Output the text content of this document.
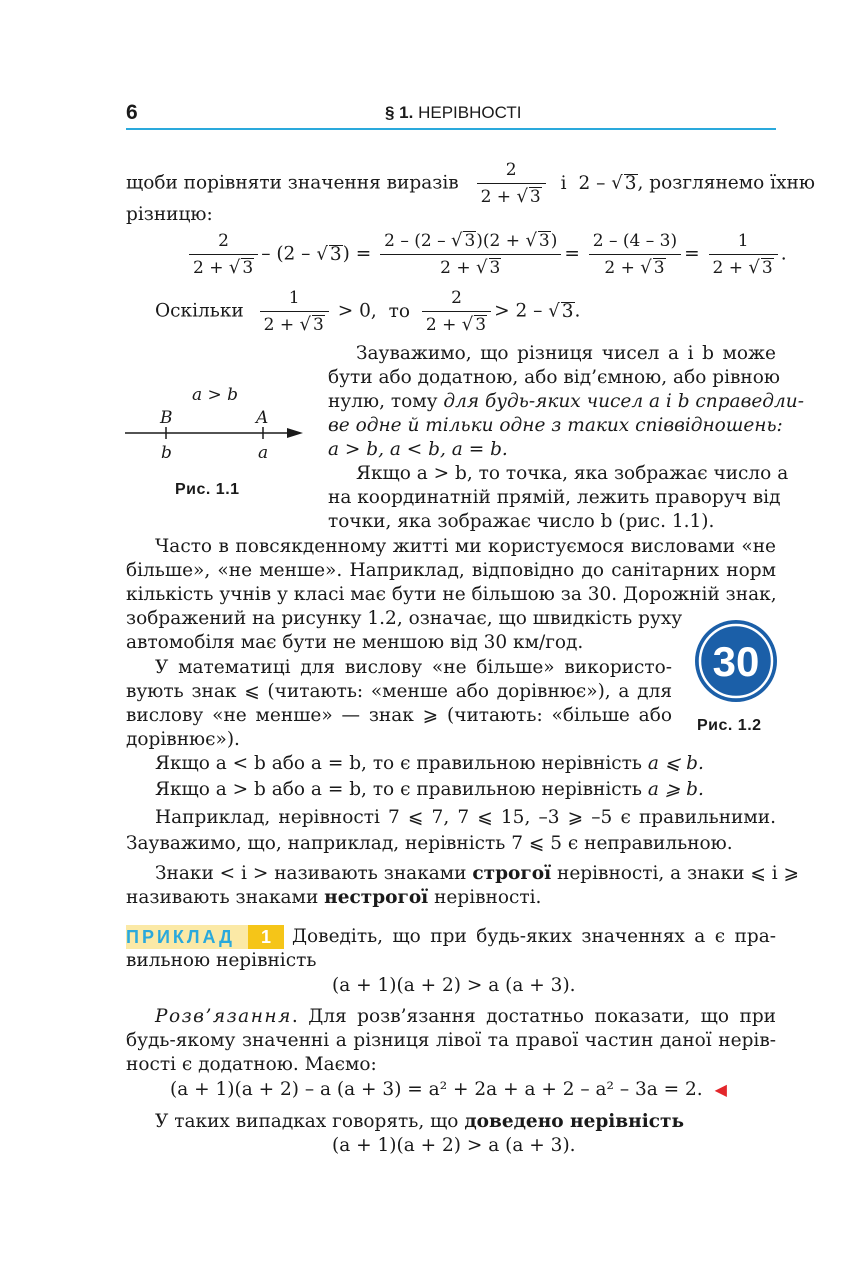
6	§ 1. НЕРІВНОСТІ
щоби порівняти значення виразів $\frac{2}{2 + √ 3}$ і 2 – √ 3, розглянемо їхню
різницю:
$\frac{2}{2 + √ 3} - (2$ – √ $3) = \frac{2 - (2 - √ 3)(2 + √ 3)}{2 + √ 3} = \frac{2 - (4 - 3)}{2 + √ 3} = \frac{1}{2 + √ 3}$ .
Оскільки $\frac{1}{2 + √ 3} > 0$, то $\frac{2}{2 + √ 3} > 2$ – √ 3.
a > b
B	A
b	a
Рис. 1.1
Зауважимо, що різниця чисел a і b може
бути або додатною, або від’ємною, або рівною
нулю, тому для будь-яких чисел a і b справедли-
ве одне й тільки одне з таких співвідношень:
a > b, a < b, a = b.
Якщо a > b, то точка, яка зображає число a
на координатній прямій, лежить праворуч від
точки, яка зображає число b (рис. 1.1).
Часто в повсякденному житті ми користуємося висловами «не
більше», «не менше». Наприклад, відповідно до санітарних норм
кількість учнів у класі має бути не більшою за 30. Дорожній знак,
зображений на рисунку 1.2, означає, що швидкість руху
автомобіля має бути не меншою від 30 км/год.	30
Рис. 1.2
У математиці для вислову «не більше» використо-
вують знак ⩽ (читають: «менше або дорівнює»), а для
вислову «не менше» — знак ⩾ (читають: «більше або
дорівнює»).
Якщо a < b або a = b, то є правильною нерівність a ⩽ b.
Якщо a > b або a = b, то є правильною нерівність a ⩾ b.
Наприклад, нерівності 7 ⩽ 7, 7 ⩽ 15, –3 ⩾ –5 є правильними.
Зауважимо, що, наприклад, нерівність 7 ⩽ 5 є неправильною.
Знаки < і > називають знаками строгої нерівності, а знаки ⩽ і ⩾
називають знаками нестрогої нерівності.
ПРИКЛАД	1	Доведіть, що при будь-яких значеннях a є пра-
вильною нерівність
(a + 1)(a + 2) > a (a + 3).
Розв’язання. Для розв’язання достатньо показати, що при
будь-якому значенні a різниця лівої та правої частин даної нерів-
ності є додатною. Маємо:
(a + 1)(a + 2) – a (a + 3) = a² + 2a + a + 2 – a² – 3a = 2. ◀
У таких випадках говорять, що доведено нерівність
(a + 1)(a + 2) > a (a + 3).
